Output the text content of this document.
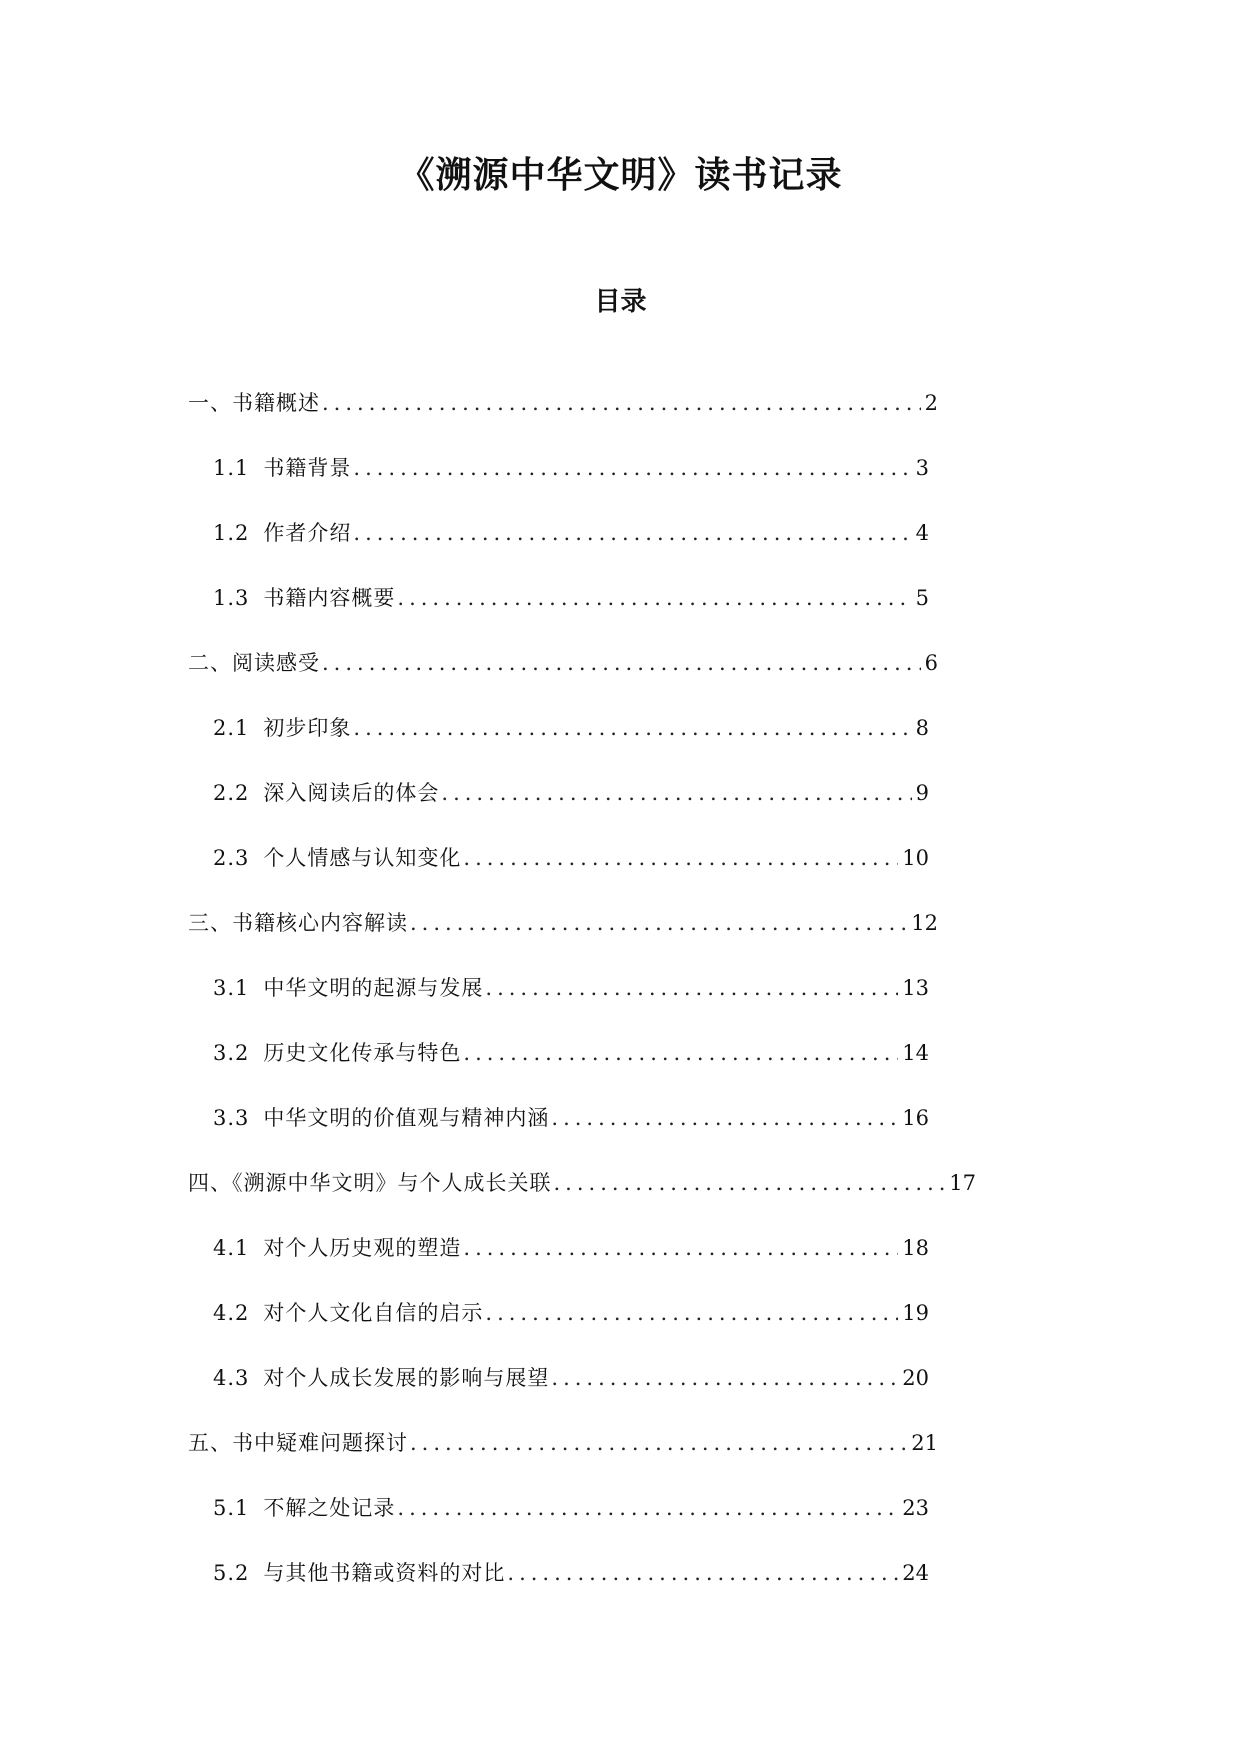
《溯源中华文明》读书记录
目录
一、书籍概述 .....	2
1.1 书籍背景 .....	3
1.2 作者介绍 .....	4
1.3 书籍内容概要 .....	5
二、阅读感受 .....	6
2.1 初步印象 .....	8
2.2 深入阅读后的体会 .....	9
2.3 个人情感与认知变化 .....	10
三、书籍核心内容解读 .....	12
3.1 中华文明的起源与发展 .....	13
3.2 历史文化传承与特色 .....	14
3.3 中华文明的价值观与精神内涵 .....	16
四、《溯源中华文明》与个人成长关联 .....	17
4.1 对个人历史观的塑造 .....	18
4.2 对个人文化自信的启示 .....	19
4.3 对个人成长发展的影响与展望 .....	20
五、书中疑难问题探讨 .....	21
5.1 不解之处记录 .....	23
5.2 与其他书籍或资料的对比 .....	24
